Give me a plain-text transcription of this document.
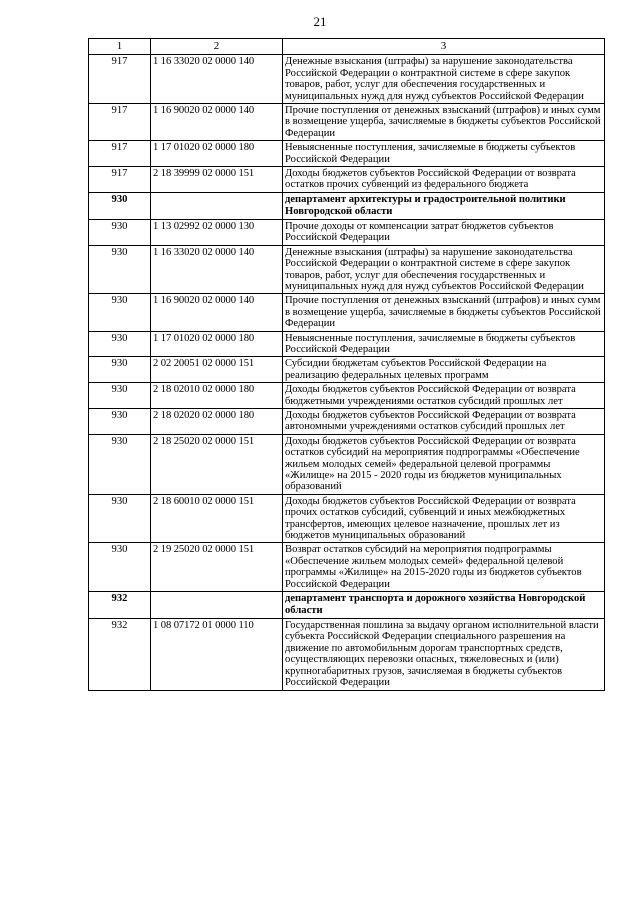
21
1	2	3
917	1 16 33020 02 0000 140	Денежные взыскания (штрафы) за нарушение законодательства Российской Федерации о контрактной системе в сфере закупок товаров, работ, услуг для обеспечения государственных и муниципальных нужд для нужд субъектов Российской Федерации
917	1 16 90020 02 0000 140	Прочие поступления от денежных взысканий (штрафов) и иных сумм в возмещение ущерба, зачисляемые в бюджеты субъектов Российской Федерации
917	1 17 01020 02 0000 180	Невыясненные поступления, зачисляемые в бюджеты субъектов Российской Федерации
917	2 18 39999 02 0000 151	Доходы бюджетов субъектов Российской Федерации от возврата остатков прочих субвенций из федерального бюджета
930		департамент архитектуры и градостроительной политики Новгородской области
930	1 13 02992 02 0000 130	Прочие доходы от компенсации затрат бюджетов субъектов Российской Федерации
930	1 16 33020 02 0000 140	Денежные взыскания (штрафы) за нарушение законодательства Российской Федерации о контрактной системе в сфере закупок товаров, работ, услуг для обеспечения государственных и муниципальных нужд для нужд субъектов Российской Федерации
930	1 16 90020 02 0000 140	Прочие поступления от денежных взысканий (штрафов) и иных сумм в возмещение ущерба, зачисляемые в бюджеты субъектов Российской Федерации
930	1 17 01020 02 0000 180	Невыясненные поступления, зачисляемые в бюджеты субъектов Российской Федерации
930	2 02 20051 02 0000 151	Субсидии бюджетам субъектов Российской Федерации на реализацию федеральных целевых программ
930	2 18 02010 02 0000 180	Доходы бюджетов субъектов Российской Федерации от возврата бюджетными учреждениями остатков субсидий прошлых лет
930	2 18 02020 02 0000 180	Доходы бюджетов субъектов Российской Федерации от возврата автономными учреждениями остатков субсидий прошлых лет
930	2 18 25020 02 0000 151	Доходы бюджетов субъектов Российской Федерации от возврата остатков субсидий на мероприятия подпрограммы «Обеспечение жильем молодых семей» федеральной целевой программы «Жилище» на 2015 - 2020 годы из бюджетов муниципальных образований
930	2 18 60010 02 0000 151	Доходы бюджетов субъектов Российской Федерации от возврата прочих остатков субсидий, субвенций и иных межбюджетных трансфертов, имеющих целевое назначение, прошлых лет из бюджетов муниципальных образований
930	2 19 25020 02 0000 151	Возврат остатков субсидий на мероприятия подпрограммы «Обеспечение жильем молодых семей» федеральной целевой программы «Жилище» на 2015-2020 годы из бюджетов субъектов Российской Федерации
932		департамент транспорта и дорожного хозяйства Новгородской области
932	1 08 07172 01 0000 110	Государственная пошлина за выдачу органом исполнительной власти субъекта Российской Федерации специального разрешения на движение по автомобильным дорогам транспортных средств, осуществляющих перевозки опасных, тяжеловесных и (или) крупногабаритных грузов, зачисляемая в бюджеты субъектов Российской Федерации
